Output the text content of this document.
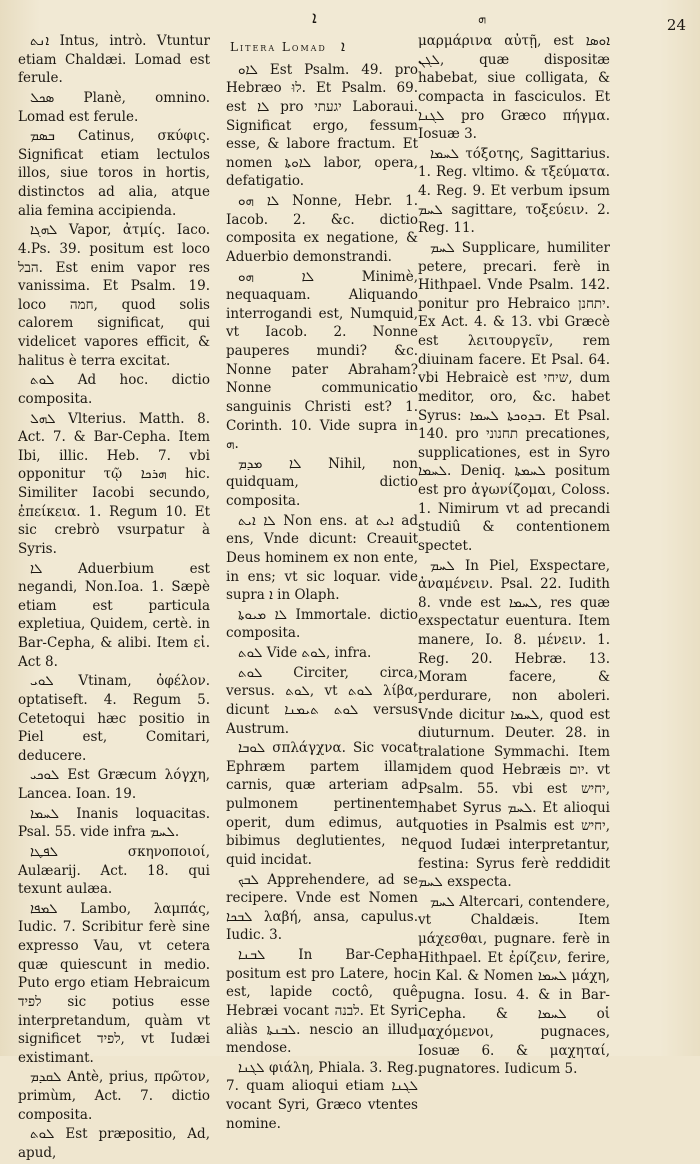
ܐ	ܗ	24

ܐܢܬ Intus, intrò. Vtuntur etiam Chaldæi. Lomad est ferule.

ܣܟܠ Planè, omnino. Lomad est ferule.

ܒܣܡ Catinus, σκύφις. Significat etiam lectulos illos, siue toros in hortis, distinctos ad alia, atque alia femina accipienda.

ܠܗܓܐ Vapor, ἀτμίς. Iaco. 4.Ps. 39. positum est loco הבל. Est enim vapor res vanissima. Et Psalm. 19. loco חמה, quod solis calorem significat, qui videlicet vapores efficit, & halitus è terra excitat.

ܠܘܬ Ad hoc. dictio composita.

ܠܗܠ Vlterius. Matth. 8. Act. 7. & Bar-Cepha. Item Ibi, illic. Heb. 7. vbi opponitur τῷ ܗܪܟܐ hic. Similiter Iacobi secundo, ἐπείκεια. 1. Regum 10. Et sic crebrò vsurpatur à Syris.

ܠܐ Aduerbium est negandi, Non.Ioa. 1. Sæpè etiam est particula expletiua, Quidem, certè. in Bar-Cepha, & alibi. Item εἰ. Act 8.

ܠܘܝ Vtinam, ὀφέλον. optatiseft. 4. Regum 5. Cetetoqui hæc positio in Piel est, Comitari, deducere.

ܠܘܟܝ Est Græcum λόγχη, Lancea. Ioan. 19.

ܠܚܡܐ Inanis loquacitas. Psal. 55. vide infra ܠܚܡ.

ܠܦܛܐ σκηνοποιοί, Aulæarij. Act. 18. qui texunt aulæa.

ܠܡܦܐ Lambo, λαμπάς, Iudic. 7. Scribitur ferè sine expresso Vau, vt cetera quæ quiescunt in medio. Puto ergo etiam Hebraicum לפיד sic potius esse interpretandum, quàm vt significet לפיד, vt Iudæi existimant.

ܠܩܕܡ Antè, prius, πρῶτον, primùm, Act. 7. dictio composita.

ܠܘܬ Est præpositio, Ad, apud,

Litera Lomad ܐ

ܠܐܘ Est Psalm. 49. pro Hebræo לוּ. Et Psalm. 69. est ܠܐ pro יגעתי Laboraui. Significat ergo, fessum esse, & labore fractum. Et nomen ܠܐܘܬܐ labor, opera, defatigatio.

ܠܐ ܗܘ Nonne, Hebr. 1. Iacob. 2. &c. dictio composita ex negatione, & Aduerbio demonstrandi.

ܠܐ ܗܘ Minimè, nequaquam. Aliquando interrogandi est, Numquid, vt Iacob. 2. Nonne pauperes mundi? &c. Nonne pater Abraham? Nonne communicatio sanguinis Christi est? 1. Corinth. 10. Vide supra in ܗ.

ܠܐ ܡܕܡ Nihil, non quidquam, dictio composita.

ܠܐ ܐܝܬ Non ens. at ܐܝܬ ad ens, Vnde dicunt: Creauit Deus hominem ex non ente, in ens; vt sic loquar. vide supra ܐ in Olaph.

ܠܐ ܡܝܘܬܐ Immortale. dictio composita.

ܠܘܬ Vide ܠܘܬ, infra.

ܠܘܬ Circiter, circa, versus. ܠܘܬ, vt ܠܘܬ λίβα, dicunt ܠܘܬ ܬܝܡܢܐ versus Austrum.

ܠܘܒܐ σπλάγχνα. Sic vocat Ephræm partem illam carnis, quæ arteriam ad pulmonem pertinentem operit, dum edimus, aut bibimus deglutientes, ne quid incidat.

ܠܒܟ Apprehendere, ad se recipere. Vnde est Nomen ܠܒܟܐ λαβή, ansa, capulus. Iudic. 3.

ܠܒܢܐ In Bar-Cepha positum est pro Latere, hoc est, lapide coctô, quê Hebræi vocant לבנה. Et Syri aliàs ܠܒܢܬܐ. nescio an illud mendose.

ܠܓܢܐ φιάλη, Phiala. 3. Reg. 7. quam alioqui etiam ܠܓܢܐ vocant Syri, Græco vtentes nomine.

μαρμάρινα αὐτῇ, est ܐܘܣܐ ܠܓܢ, quæ dispositæ habebat, siue colligata, & compacta in fasciculos. Et ܠܓܢܐ pro Græco πήγμα. Iosuæ 3.

ܠܚܡܐ τόξοτης, Sagittarius. 1. Reg. vltimo. & τξεύματα. 4. Reg. 9. Et verbum ipsum ܠܚܡ sagittare, τοξεύειν. 2. Reg. 11.

ܠܚܡ Supplicare, humiliter petere, precari. ferè in Hithpael. Vnde Psalm. 142. ponitur pro Hebraico יתחנן. Ex Act. 4. & 13. vbi Græcè est λειτουργεῖν, rem diuinam facere. Et Psal. 64. vbi Hebraicè est שיחי, dum meditor, oro, &c. habet Syrus: ܒܕܘܟܬܐ ܠܚܡܐ. Et Psal. 140. pro תחנוני precationes, supplicationes, est in Syro ܠܚܡܐ. Deniq. ܠܚܡܬܐ positum est pro ἀγωνίζομαι, Coloss. 1. Nimirum vt ad precandi studiû & contentionem spectet.

ܠܚܡ In Piel, Exspectare, ἀναμένειν. Psal. 22. Iudith 8. vnde est ܠܚܡܐ, res quæ exspectatur euentura. Item manere, Io. 8. μένειν. 1. Reg. 20. Hebræ. 13. Moram facere, & perdurare, non aboleri. Vnde dicitur ܠܚܡܐ, quod est diuturnum. Deuter. 28. in tralatione Symmachi. Item idem quod Hebræis יום. vt Psalm. 55. vbi est יחיש, habet Syrus ܠܚܡ. Et alioqui quoties in Psalmis est יחיש, quod Iudæi interpretantur, festina: Syrus ferè reddidit ܠܚܡ exspecta.

ܠܚܡ Altercari, contendere, vt Chaldæis. Item μάχεσθαι, pugnare. ferè in Hithpael. Et ἐρίζειν, ferire, in Kal. & Nomen ܠܚܡܐ μάχη, pugna. Iosu. 4. & in Bar-Cepha. & ܠܚܡܐ οἱ μαχόμενοι, pugnaces, Iosuæ 6. & μαχηταί, pugnatores. Iudicum 5.
